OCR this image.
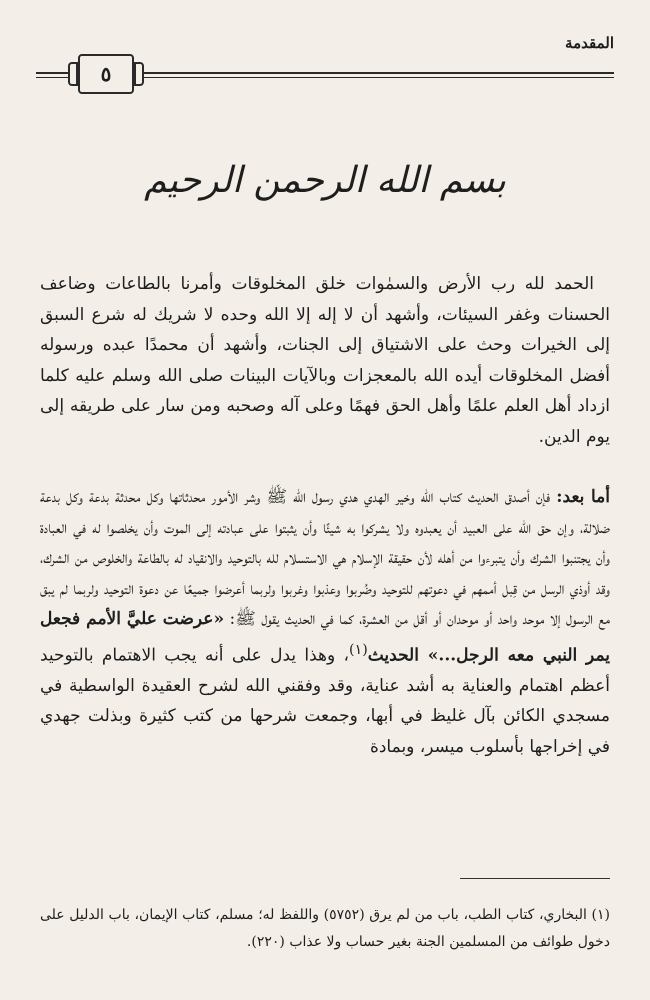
المقدمة
٥
بسم الله الرحمن الرحيم

الحمد لله رب الأرض والسمٰوات خلق المخلوقات وأمرنا بالطاعات وضاعف الحسنات وغفر السيئات، وأشهد أن لا إله إلا الله وحده لا شريك له شرع السبق إلى الخيرات وحث على الاشتياق إلى الجنات، وأشهد أن محمدًا عبده ورسوله أفضل المخلوقات أيده الله بالمعجزات وبالآيات البينات صلى الله وسلم عليه كلما ازداد أهل العلم علمًا وأهل الحق فهمًا وعلى آله وصحبه ومن سار على طريقه إلى يوم الدين.

أما بعد: فإن أصدق الحديث كتاب الله وخير الهدي هدي رسول الله ﷺ وشر الأمور محدثاتها وكل محدثة بدعة وكل بدعة ضلالة، وإن حق الله على العبيد أن يعبدوه ولا يشركوا به شيئًا وأن يثبتوا على عبادته إلى الموت وأن يخلصوا له في العبادة وأن يجتنبوا الشرك وأن يتبرءوا من أهله لأن حقيقة الإسلام هي الاستسلام لله بالتوحيد والانقياد له بالطاعة والخلوص من الشرك، وقد أوذي الرسل من قِبل أممهم في دعوتهم للتوحيد وضُربوا وعذبوا وغربوا ولربما أعرضوا جميعًا عن دعوة التوحيد ولربما لم يبق مع الرسول إلا موحد واحد أو موحدان أو أقل من العشرة، كما في الحديث يقول ﷺ: «عرضت عليَّ الأمم فجعل يمر النبي معه الرجل...» الحديث$^{(١)}$، وهذا يدل على أنه يجب الاهتمام بالتوحيد أعظم اهتمام والعناية به أشد عناية، وقد وفقني الله لشرح العقيدة الواسطية في مسجدي الكائن بآل غليظ في أبها، وجمعت شرحها من كتب كثيرة وبذلت جهدي في إخراجها بأسلوب ميسر، وبمادة

(١) البخاري، كتاب الطب، باب من لم يرق (٥٧٥٢) واللفظ له؛ مسلم، كتاب الإيمان، باب الدليل على دخول طوائف من المسلمين الجنة بغير حساب ولا عذاب (٢٢٠).
